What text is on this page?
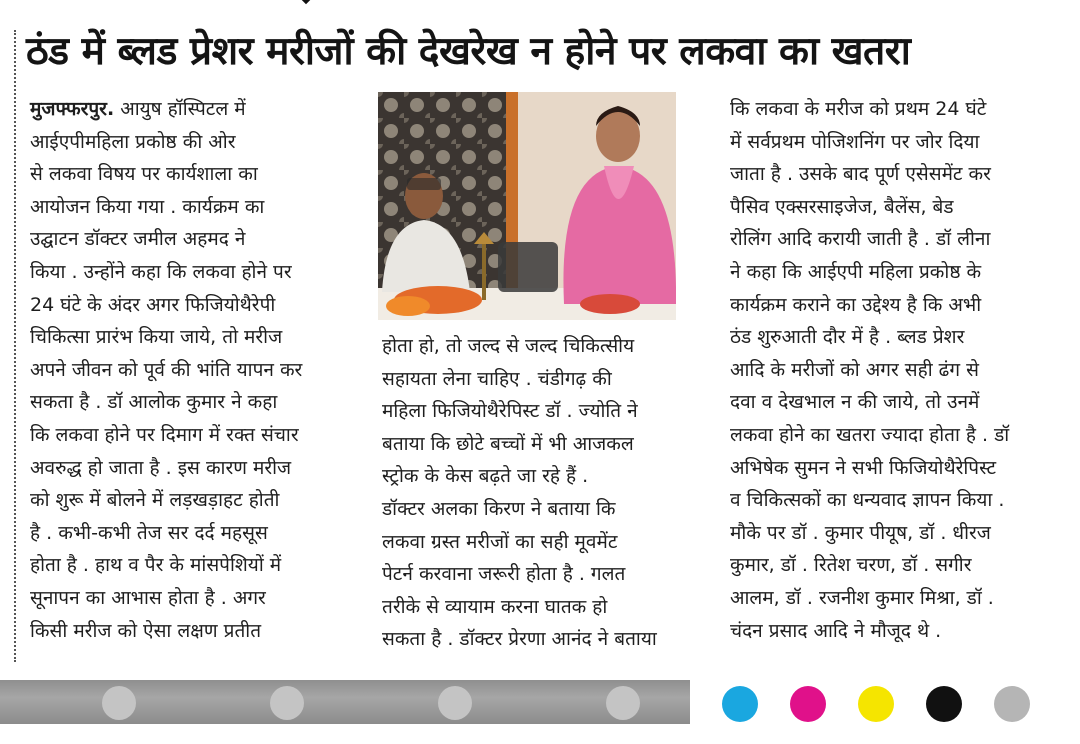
ठंड में ब्लड प्रेशर मरीजों की देखरेख न होने पर लकवा का खतरा
मुजफ्फरपुर. आयुष हॉस्पिटल में
आईएपीमहिला प्रकोष्ठ की ओर
से लकवा विषय पर कार्यशाला का
आयोजन किया गया . कार्यक्रम का
उद्घाटन डॉक्टर जमील अहमद ने
किया . उन्होंने कहा कि लकवा होने पर
24 घंटे के अंदर अगर फिजियोथैरेपी
चिकित्सा प्रारंभ किया जाये, तो मरीज
अपने जीवन को पूर्व की भांति यापन कर
सकता है . डॉ आलोक कुमार ने कहा
कि लकवा होने पर दिमाग में रक्त संचार
अवरुद्ध हो जाता है . इस कारण मरीज
को शुरू में बोलने में लड़खड़ाहट होती
है . कभी-कभी तेज सर दर्द महसूस
होता है . हाथ व पैर के मांसपेशियों में
सूनापन का आभास होता है . अगर
किसी मरीज को ऐसा लक्षण प्रतीत
होता हो, तो जल्द से जल्द चिकित्सीय
सहायता लेना चाहिए . चंडीगढ़ की
महिला फिजियोथैरेपिस्ट डॉ . ज्योति ने
बताया कि छोटे बच्चों में भी आजकल
स्ट्रोक के केस बढ़ते जा रहे हैं .
डॉक्टर अलका किरण ने बताया कि
लकवा ग्रस्त मरीजों का सही मूवमेंट
पेटर्न करवाना जरूरी होता है . गलत
तरीके से व्यायाम करना घातक हो
सकता है . डॉक्टर प्रेरणा आनंद ने बताया
कि लकवा के मरीज को प्रथम 24 घंटे
में सर्वप्रथम पोजिशनिंग पर जोर दिया
जाता है . उसके बाद पूर्ण एसेसमेंट कर
पैसिव एक्सरसाइजेज, बैलेंस, बेड
रोलिंग आदि करायी जाती है . डॉ लीना
ने कहा कि आईएपी महिला प्रकोष्ठ के
कार्यक्रम कराने का उद्देश्य है कि अभी
ठंड शुरुआती दौर में है . ब्लड प्रेशर
आदि के मरीजों को अगर सही ढंग से
दवा व देखभाल न की जाये, तो उनमें
लकवा होने का खतरा ज्यादा होता है . डॉ
अभिषेक सुमन ने सभी फिजियोथैरेपिस्ट
व चिकित्सकों का धन्यवाद ज्ञापन किया .
मौके पर डॉ . कुमार पीयूष, डॉ . धीरज
कुमार, डॉ . रितेश चरण, डॉ . सगीर
आलम, डॉ . रजनीश कुमार मिश्रा, डॉ .
चंदन प्रसाद आदि ने मौजूद थे .
